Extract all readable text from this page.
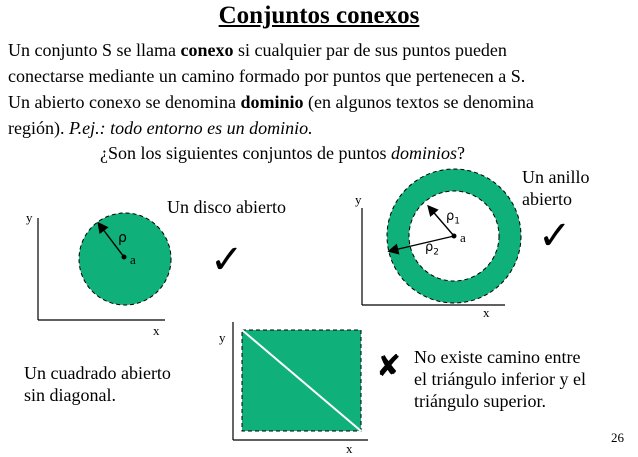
Conjuntos conexos
Un conjunto S se llama conexo si cualquier par de sus puntos pueden
conectarse mediante un camino formado por puntos que pertenecen a S.
Un abierto conexo se denomina dominio (en algunos textos se denomina
región). P.ej.: todo entorno es un dominio.
¿Son los siguientes conjuntos de puntos dominios?
y
x
ρ
a
Un disco abierto
✓
y
x
$\rho_1$
$\rho_2$
a
Un anillo
abierto
✓
y
x
Un cuadrado abierto
sin diagonal.
✘ No existe camino entre
el triángulo inferior y el
triángulo superior.
26
